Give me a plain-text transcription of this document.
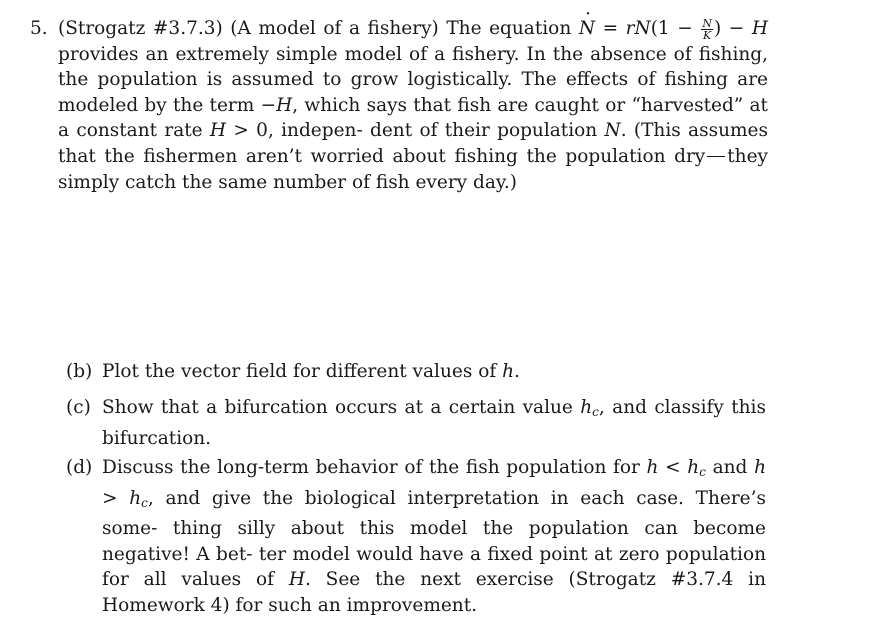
5. (Strogatz #3.7.3) (A model of a fishery) The equation N · = $rN(1 - \frac{N}{K}$ ) − H provides an extremely simple model of a fishery. In the absence of fishing, the population is assumed to grow logistically. The effects of fishing are modeled by the term −H, which says that fish are caught or “harvested” at a constant rate H > 0, indepen- dent of their population N. (This assumes that the fishermen aren’t worried about fishing the population dry they simply catch the same number of fish every day.)
(b) Plot the vector field for different values of h.
(c) Show that a bifurcation occurs at a certain value $h_c$, and classify this bifurcation.
(d) Discuss the long-term behavior of the fish population for $h < h_c$ and $h > h_c$, and give the biological interpretation in each case. There’s some- thing silly about this model the population can become negative! A bet- ter model would have a fixed point at zero population for all values of H. See the next exercise (Strogatz #3.7.4 in Homework 4) for such an improvement.
